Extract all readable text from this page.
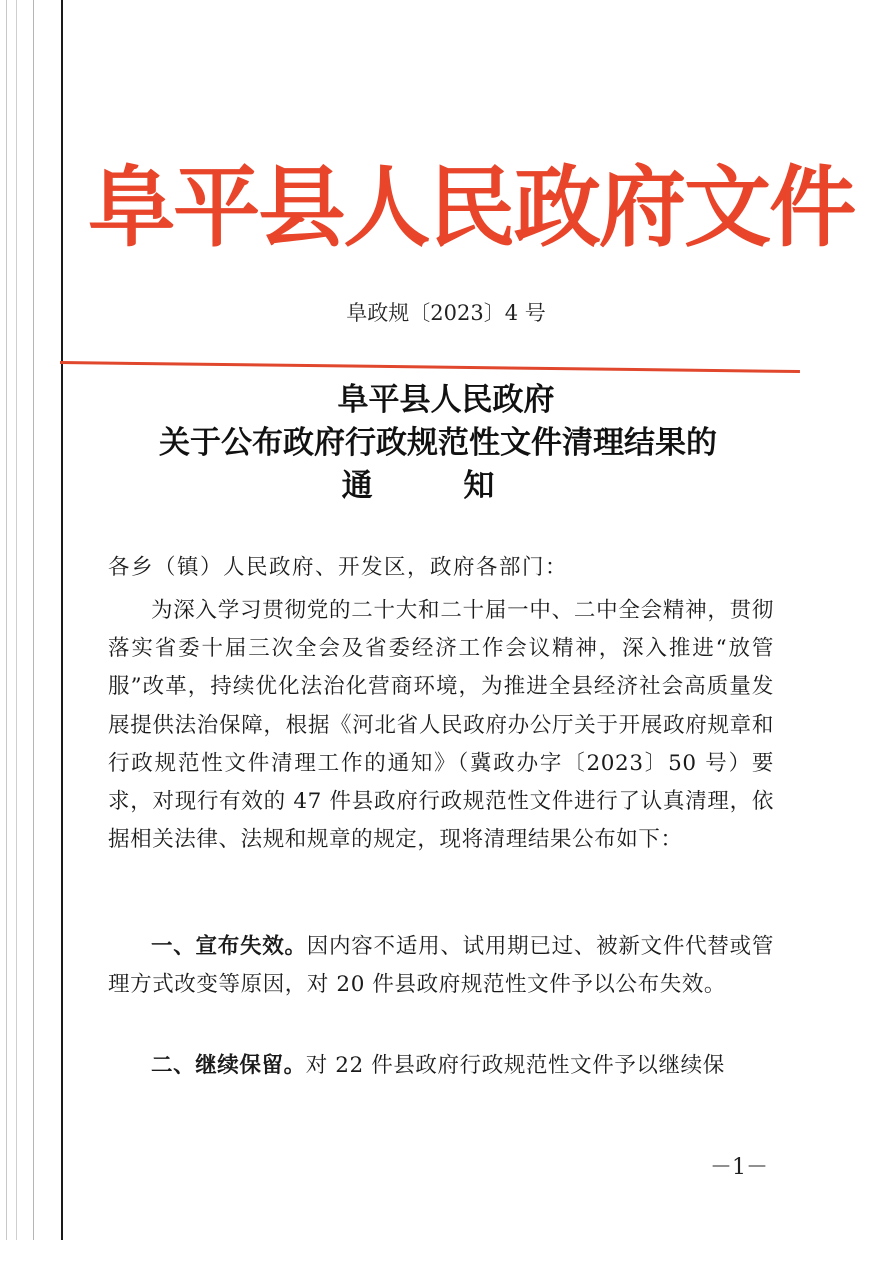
阜平县人民政府文件
阜政规〔2023〕4 号
阜平县人民政府
关于公布政府行政规范性文件清理结果的
通 知
各乡（镇）人民政府、开发区，政府各部门：
为深入学习贯彻党的二十大和二十届一中、二中全会精神，贯彻落实省委十届三次全会及省委经济工作会议精神，深入推进“放管服”改革，持续优化法治化营商环境，为推进全县经济社会高质量发展提供法治保障，根据《河北省人民政府办公厅关于开展政府规章和行政规范性文件清理工作的通知》（冀政办字〔2023〕50 号）要求，对现行有效的 47 件县政府行政规范性文件进行了认真清理，依据相关法律、法规和规章的规定，现将清理结果公布如下：
一、宣布失效。因内容不适用、试用期已过、被新文件代替或管理方式改变等原因，对 20 件县政府规范性文件予以公布失效。
二、继续保留。对 22 件县政府行政规范性文件予以继续保
－1－
